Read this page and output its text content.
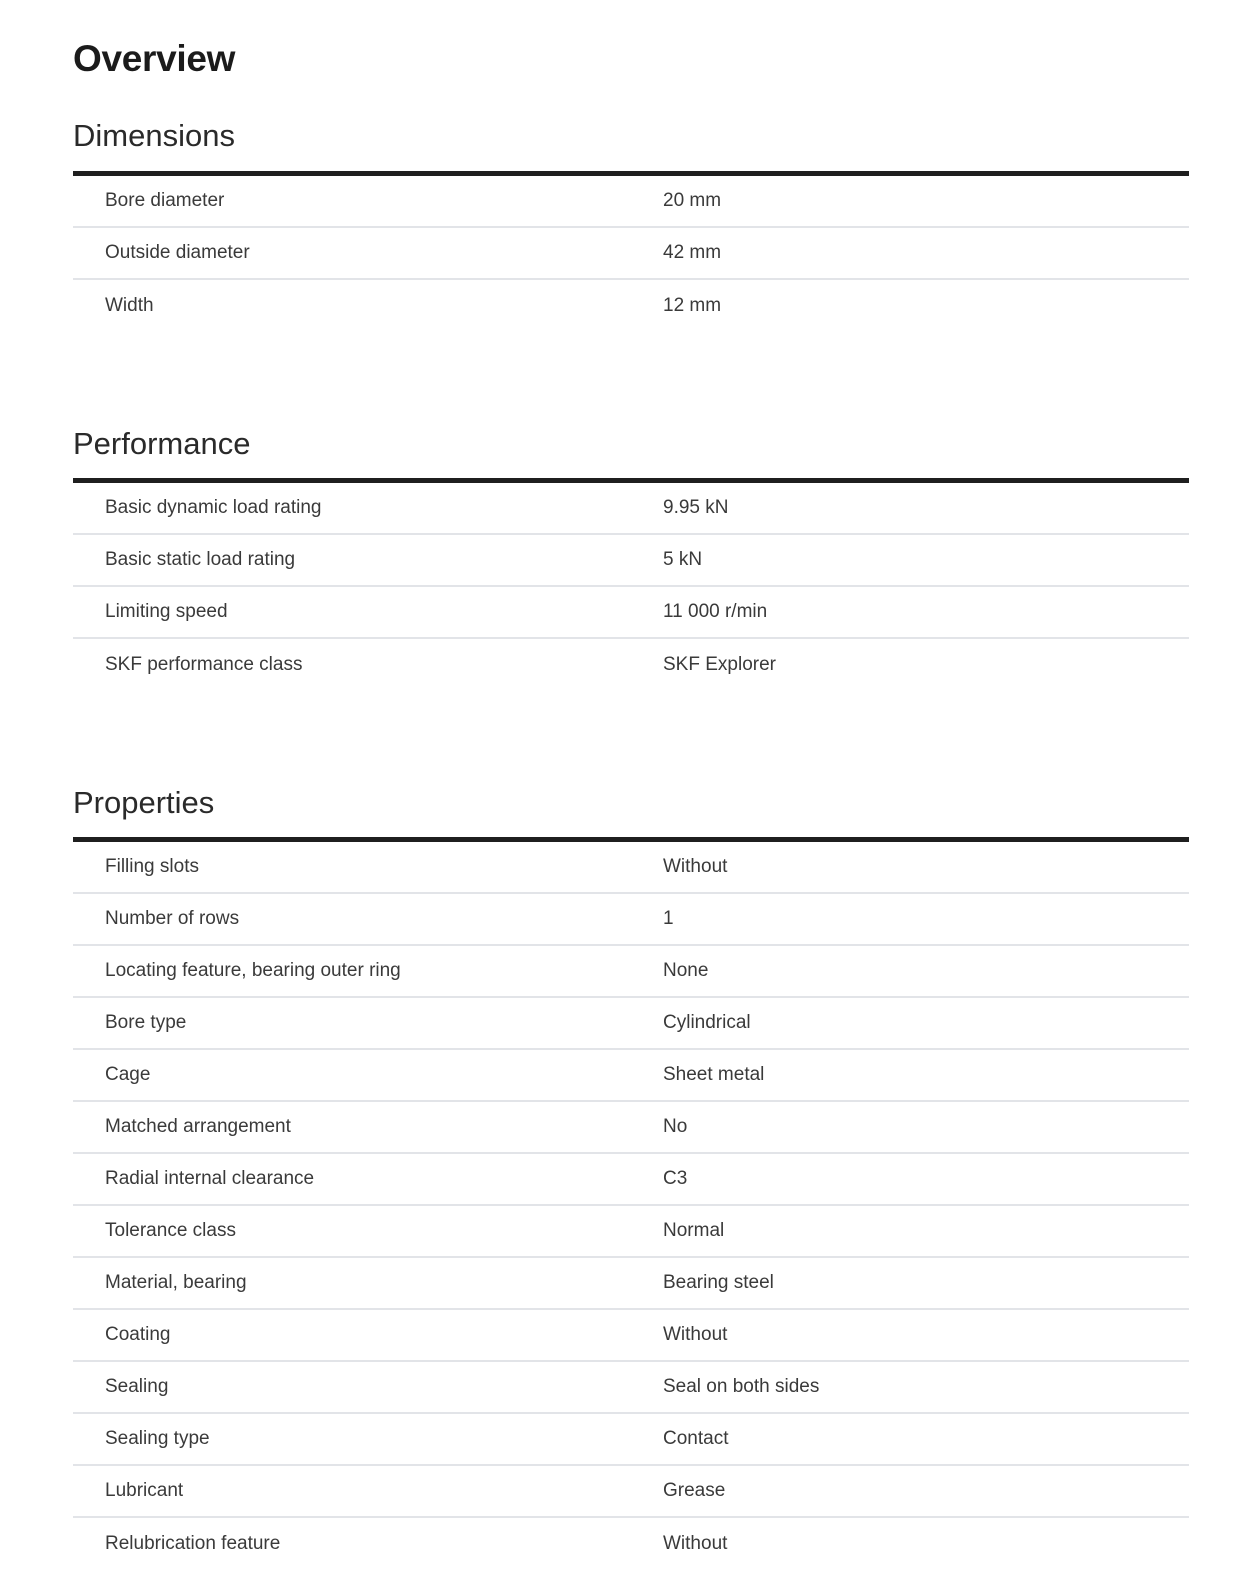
Overview
Dimensions
Bore diameter	20 mm
Outside diameter	42 mm
Width	12 mm
Performance
Basic dynamic load rating	9.95 kN
Basic static load rating	5 kN
Limiting speed	11 000 r/min
SKF performance class	SKF Explorer
Properties
Filling slots	Without
Number of rows	1
Locating feature, bearing outer ring	None
Bore type	Cylindrical
Cage	Sheet metal
Matched arrangement	No
Radial internal clearance	C3
Tolerance class	Normal
Material, bearing	Bearing steel
Coating	Without
Sealing	Seal on both sides
Sealing type	Contact
Lubricant	Grease
Relubrication feature	Without
